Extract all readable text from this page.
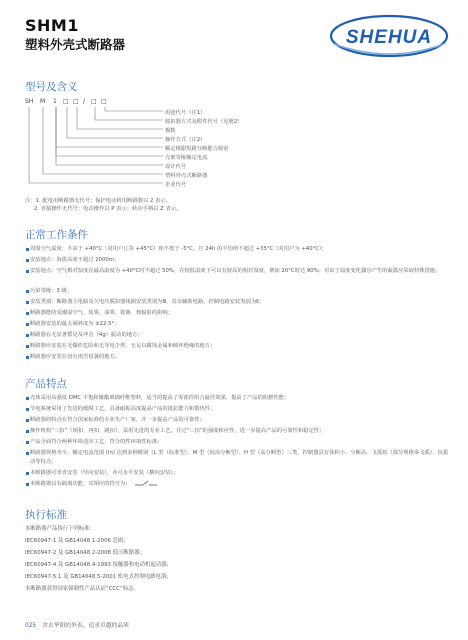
SHM1
塑料外壳式断路器	SHEHUA
型号及含义
SH M 1 □ □ / □ □
用途代号（注1）
脱扣器方式及附件代号（见册2）
极数
操作方式（注2）
额定极限短路分断能力级别
壳架等级额定电流
设计代号
塑料外壳式断路器
企业代号
注：1. 配电用断路器无代号；保护电动机用断路器以 2 表示。
2. 直接操作无代号；电动操作以 P 表示；转动手柄以 Z 表示。
正常工作条件
周围空气温度：不高于 +40°C（对用户订货 +45°C）和不低于 -5°C，且 24h 的平均值不超过 +35°C（对用户为 +40°C）；
安装地点：海拔高度不超过 2000m；
安装地点：空气相对湿度在最高温度为 +40°C时不超过 50%，在较低温度下可以有较高的相对湿度，例如 20°C时达 90%；对由于温度变化偶尔产生的凝露应采取特殊措施；
污染等级：3 级；
安装类别：断路器主电路及欠电压脱扣器线圈安装类别为Ⅲ，其余辅助电路、控制电路安装类别为Ⅱ；
断路器能防受潮湿空气、盐雾、油雾、霉菌、核辐射的影响；
断路器安装的最大倾斜度为 ±22.5°；
断路器在无显著摇晃及冲击（4g）振动的地方；
断路器应安装在无爆炸危险和无导电尘埃、无足以腐蚀金属和破坏绝缘的地方；
断路器应安装在没有雨雪侵袭的地方。
产品特点
壳体采用高强度 DMC 不饱和聚酯玻璃纤维塑料，适当的提高了零部件组合最佳效果，提高了产品的阻燃性能；
节电系统采用了先进的缓脱工艺，具备耐振高度提高产品的抵抗能力和散热性；
断路器的特点在符合国家标准的专业生产厂家，并一步提高产品的可靠性；
操作机构“三扣”（锁扣、再扣、跳扣）、采用先进的专业工艺，并过“三扣”的强度和应性，进一步提高产品的可靠性和稳定性；
产品全面符合两种环境适应工艺，符合的性环境性标准；
断路器规格齐全，额定电流范围 (In) 达到多种级别（L 型（标准型）、M 型（较高分断型）、H 型（高分断型）三类，控制器具有体积小、分断高、飞弧短（部分规格零飞弧）、抗振动等特点；
本断路器可垂直安装（竖向安装），亦可水平安装（横向安装）；
本断路器具有隔离功能，其相应的符号为：
执行标准
本断路器产品执行下列标准：
IEC60947-1 及 GB14048.1-2006 总则；
IEC60947-2 及 GB14048.2-2008 低压断路器；
IEC60947-4 及 GB14048.4-1993 接触器和电动机起动器；
IEC60947-5.1 及 GB14048.5-2001 机电式控制电路电器；
本断路器获得国家强制性产品认证“CCC”标志。
025 舍去华阳的外表，追求卓越的品质
